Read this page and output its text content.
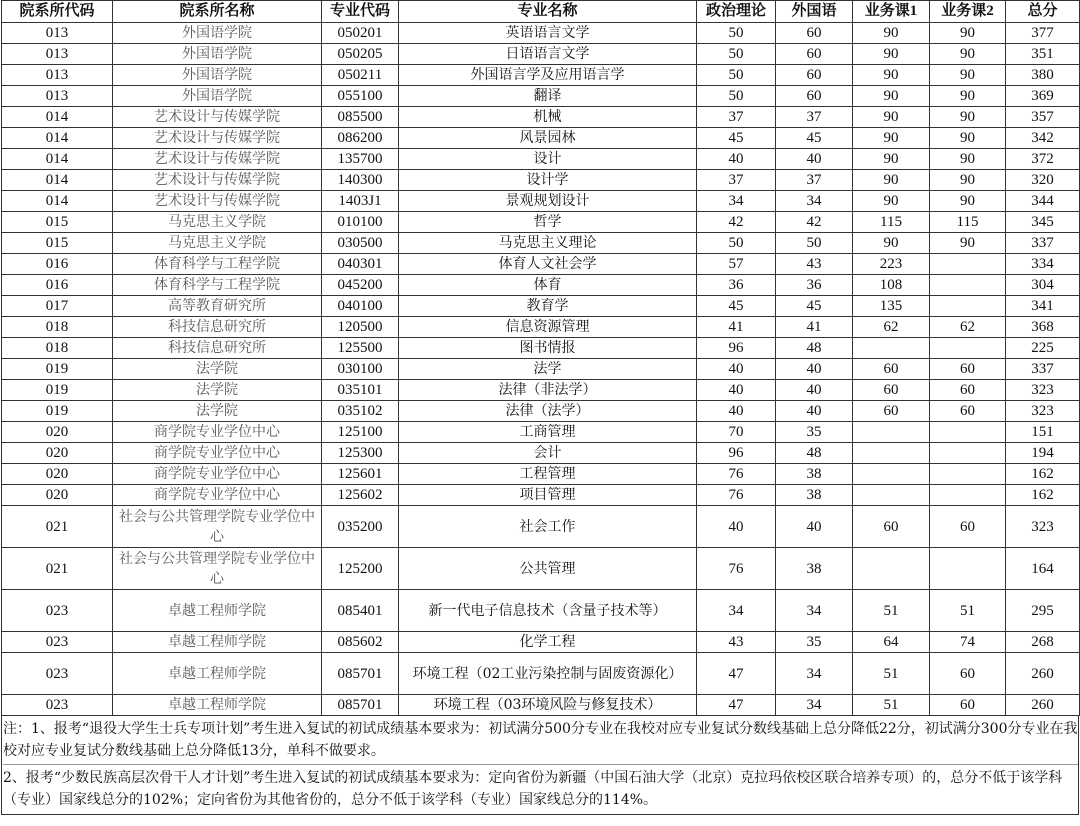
院系所代码	院系所名称	专业代码	专业名称	政治理论	外国语	业务课1	业务课2	总分
013	外国语学院	050201	英语语言文学	50	60	90	90	377
013	外国语学院	050205	日语语言文学	50	60	90	90	351
013	外国语学院	050211	外国语言学及应用语言学	50	60	90	90	380
013	外国语学院	055100	翻译	50	60	90	90	369
014	艺术设计与传媒学院	085500	机械	37	37	90	90	357
014	艺术设计与传媒学院	086200	风景园林	45	45	90	90	342
014	艺术设计与传媒学院	135700	设计	40	40	90	90	372
014	艺术设计与传媒学院	140300	设计学	37	37	90	90	320
014	艺术设计与传媒学院	1403J1	景观规划设计	34	34	90	90	344
015	马克思主义学院	010100	哲学	42	42	115	115	345
015	马克思主义学院	030500	马克思主义理论	50	50	90	90	337
016	体育科学与工程学院	040301	体育人文社会学	57	43	223		334
016	体育科学与工程学院	045200	体育	36	36	108		304
017	高等教育研究所	040100	教育学	45	45	135		341
018	科技信息研究所	120500	信息资源管理	41	41	62	62	368
018	科技信息研究所	125500	图书情报	96	48			225
019	法学院	030100	法学	40	40	60	60	337
019	法学院	035101	法律（非法学）	40	40	60	60	323
019	法学院	035102	法律（法学）	40	40	60	60	323
020	商学院专业学位中心	125100	工商管理	70	35			151
020	商学院专业学位中心	125300	会计	96	48			194
020	商学院专业学位中心	125601	工程管理	76	38			162
020	商学院专业学位中心	125602	项目管理	76	38			162
021	社会与公共管理学院专业学位中心	035200	社会工作	40	40	60	60	323
021	社会与公共管理学院专业学位中心	125200	公共管理	76	38			164
023	卓越工程师学院	085401	新一代电子信息技术（含量子技术等）	34	34	51	51	295
023	卓越工程师学院	085602	化学工程	43	35	64	74	268
023	卓越工程师学院	085701	环境工程（02工业污染控制与固废资源化）	47	34	51	60	260
023	卓越工程师学院	085701	环境工程（03环境风险与修复技术）	47	34	51	60	260

注：1、报考“退役大学生士兵专项计划”考生进入复试的初试成绩基本要求为：初试满分500分专业在我校对应专业复试分数线基础上总分降低22分，初试满分300分专业在我校对应专业复试分数线基础上总分降低13分，单科不做要求。

2、报考“少数民族高层次骨干人才计划”考生进入复试的初试成绩基本要求为：定向省份为新疆（中国石油大学（北京）克拉玛依校区联合培养专项）的，总分不低于该学科（专业）国家线总分的102%；定向省份为其他省份的，总分不低于该学科（专业）国家线总分的114%。
